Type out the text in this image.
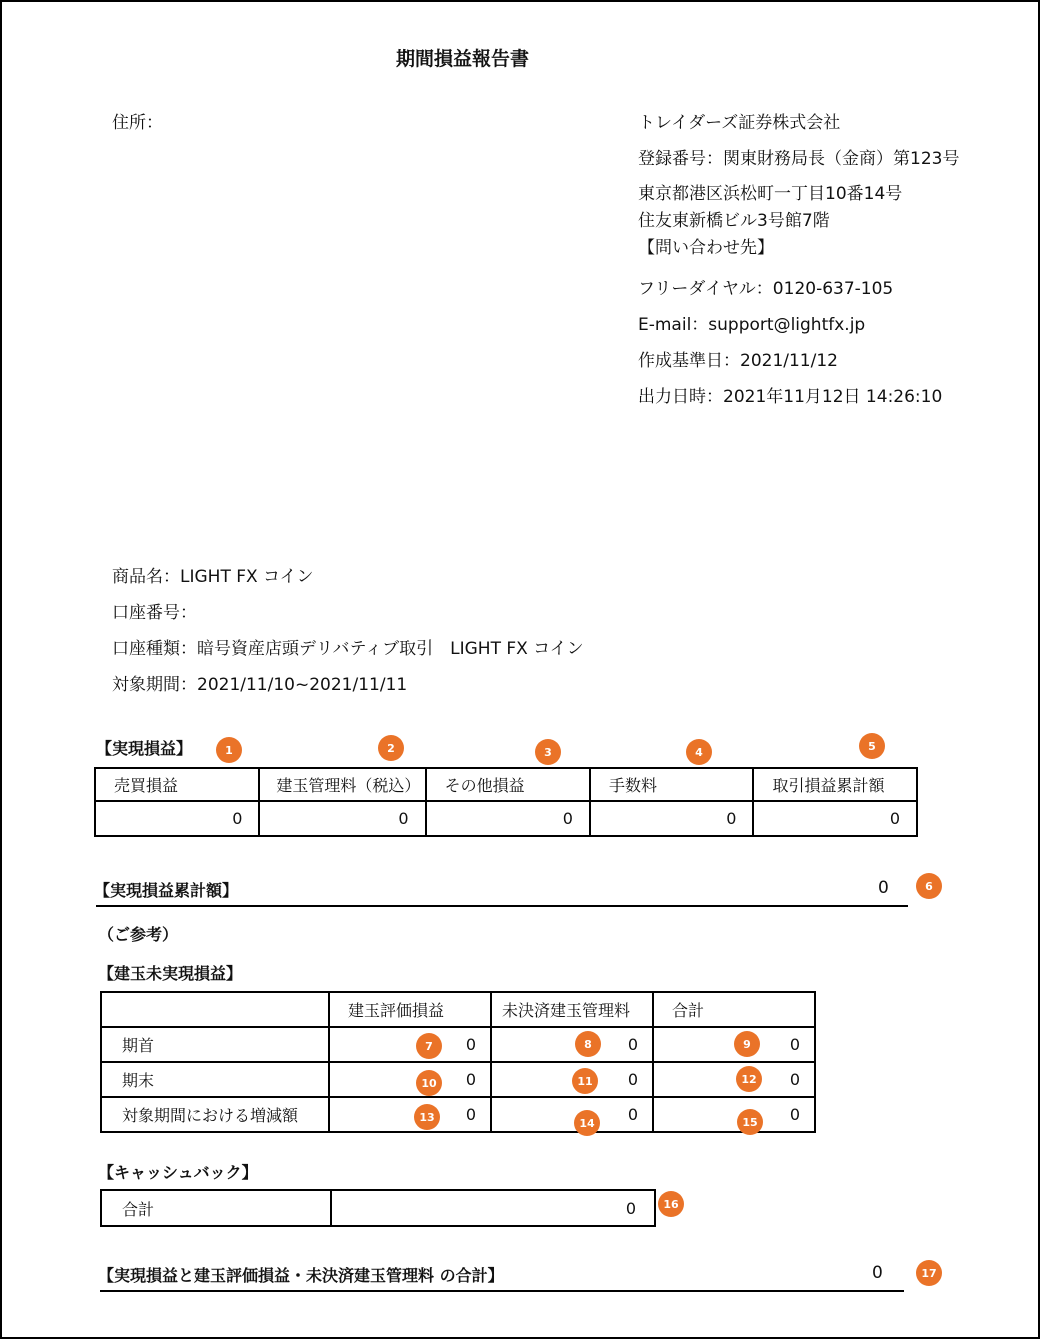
期間損益報告書
住所：	トレイダーズ証券株式会社
登録番号：関東財務局長（金商）第123号
東京都港区浜松町一丁目10番14号
住友東新橋ビル3号館7階
【問い合わせ先】
フリーダイヤル：0120-637-105
E-mail：support@lightfx.jp
作成基準日：2021/11/12
出力日時：2021年11月12日 14:26:10
商品名：LIGHT FX コイン
口座番号：
口座種類：暗号資産店頭デリバティブ取引　LIGHT FX コイン
対象期間：2021/11/10~2021/11/11
【実現損益】	1	2	3	4	5
売買損益	建玉管理料（税込）	その他損益	手数料	取引損益累計額
0	0	0	0	0
【実現損益累計額】	0	6
（ご参考）
【建玉未実現損益】
	建玉評価損益	未決済建玉管理料	合計
期首	0	0	0
期末	0	0	0
対象期間における増減額	0	0	0
7	8	9
10	11	12
13	14	15
【キャッシュバック】
合計	0	16
【実現損益と建玉評価損益・未決済建玉管理料 の合計】	0	17
